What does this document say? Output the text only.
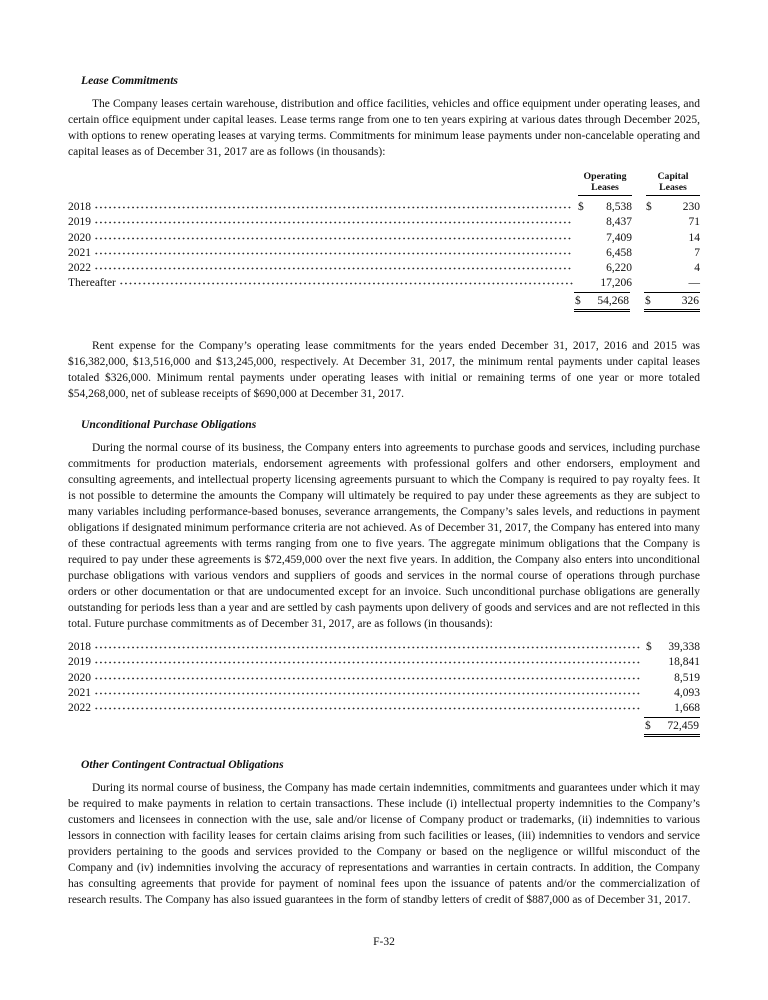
Lease Commitments

The Company leases certain warehouse, distribution and office facilities, vehicles and office equipment under operating leases, and certain office equipment under capital leases. Lease terms range from one to ten years expiring at various dates through December 2025, with options to renew operating leases at varying terms. Commitments for minimum lease payments under non-cancelable operating and capital leases as of December 31, 2017 are as follows (in thousands):

Operating Leases
Capital Leases
2018	$ 8,538 $	230
2019	8,437	71
2020	7,409	14
2021	6,458	7
2022	6,220	4
Thereafter	17,206	—
$ 54,268 $	326

Rent expense for the Company’s operating lease commitments for the years ended December 31, 2017, 2016 and 2015 was $16,382,000, $13,516,000 and $13,245,000, respectively. At December 31, 2017, the minimum rental payments under capital leases totaled $326,000. Minimum rental payments under operating leases with initial or remaining terms of one year or more totaled $54,268,000, net of sublease receipts of $690,000 at December 31, 2017.

Unconditional Purchase Obligations

During the normal course of its business, the Company enters into agreements to purchase goods and services, including purchase commitments for production materials, endorsement agreements with professional golfers and other endorsers, employment and consulting agreements, and intellectual property licensing agreements pursuant to which the Company is required to pay royalty fees. It is not possible to determine the amounts the Company will ultimately be required to pay under these agreements as they are subject to many variables including performance-based bonuses, severance arrangements, the Company’s sales levels, and reductions in payment obligations if designated minimum performance criteria are not achieved. As of December 31, 2017, the Company has entered into many of these contractual agreements with terms ranging from one to five years. The aggregate minimum obligations that the Company is required to pay under these agreements is $72,459,000 over the next five years. In addition, the Company also enters into unconditional purchase obligations with various vendors and suppliers of goods and services in the normal course of operations through purchase orders or other documentation or that are undocumented except for an invoice. Such unconditional purchase obligations are generally outstanding for periods less than a year and are settled by cash payments upon delivery of goods and services and are not reflected in this total. Future purchase commitments as of December 31, 2017, are as follows (in thousands):

2018	$ 39,338
2019	18,841
2020	8,519
2021	4,093
2022	1,668
$ 72,459
Other Contingent Contractual Obligations

During its normal course of business, the Company has made certain indemnities, commitments and guarantees under which it may be required to make payments in relation to certain transactions. These include (i) intellectual property indemnities to the Company’s customers and licensees in connection with the use, sale and/or license of Company product or trademarks, (ii) indemnities to various lessors in connection with facility leases for certain claims arising from such facilities or leases, (iii) indemnities to vendors and service providers pertaining to the goods and services provided to the Company or based on the negligence or willful misconduct of the Company and (iv) indemnities involving the accuracy of representations and warranties in certain contracts. In addition, the Company has consulting agreements that provide for payment of nominal fees upon the issuance of patents and/or the commercialization of research results. The Company has also issued guarantees in the form of standby letters of credit of $887,000 as of December 31, 2017.

F-32
